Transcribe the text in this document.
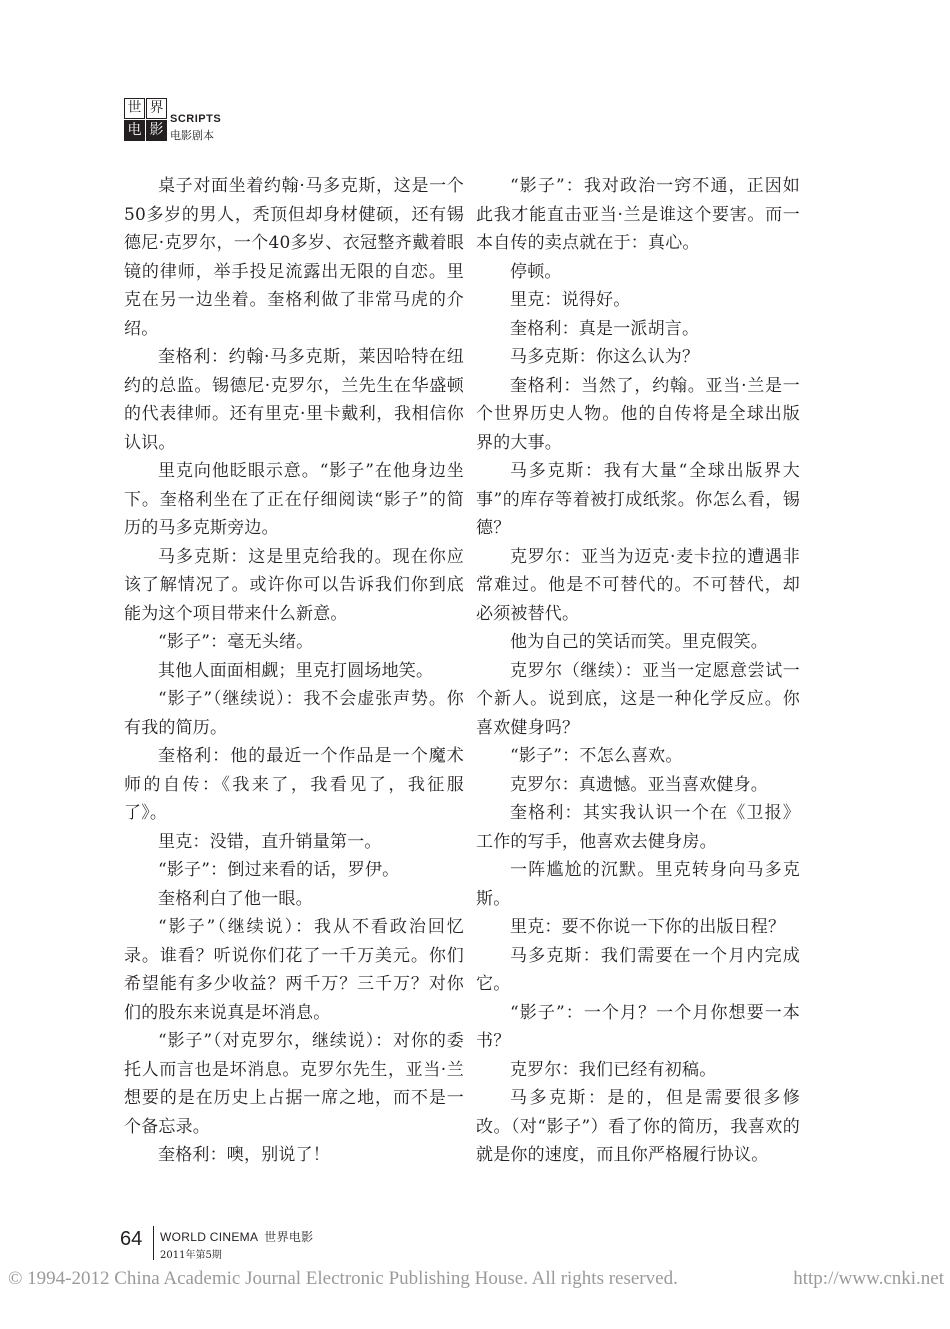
世 界
电 影
SCRIPTS
电影剧本

桌子对面坐着约翰·马多克斯，这是一个50多岁的男人，秃顶但却身材健硕，还有锡德尼·克罗尔，一个40多岁、衣冠整齐戴着眼镜的律师，举手投足流露出无限的自恋。里克在另一边坐着。奎格利做了非常马虎的介绍。

奎格利：约翰·马多克斯，莱因哈特在纽约的总监。锡德尼·克罗尔，兰先生在华盛顿的代表律师。还有里克·里卡戴利，我相信你认识。

里克向他眨眼示意。“影子”在他身边坐下。奎格利坐在了正在仔细阅读“影子”的简历的马多克斯旁边。

马多克斯：这是里克给我的。现在你应该了解情况了。或许你可以告诉我们你到底能为这个项目带来什么新意。

“影子”：毫无头绪。

其他人面面相觑；里克打圆场地笑。

“影子”（继续说）：我不会虚张声势。你有我的简历。

奎格利：他的最近一个作品是一个魔术师的自传：《我来了，我看见了，我征服了》。

里克：没错，直升销量第一。

“影子”：倒过来看的话，罗伊。

奎格利白了他一眼。

“影子”（继续说）：我从不看政治回忆录。谁看？听说你们花了一千万美元。你们希望能有多少收益？两千万？三千万？对你们的股东来说真是坏消息。

“影子”（对克罗尔，继续说）：对你的委托人而言也是坏消息。克罗尔先生，亚当·兰想要的是在历史上占据一席之地，而不是一个备忘录。

奎格利：噢，别说了！

“影子”：我对政治一窍不通，正因如此我才能直击亚当·兰是谁这个要害。而一本自传的卖点就在于：真心。

停顿。

里克：说得好。

奎格利：真是一派胡言。

马多克斯：你这么认为？

奎格利：当然了，约翰。亚当·兰是一个世界历史人物。他的自传将是全球出版界的大事。

马多克斯：我有大量“全球出版界大事”的库存等着被打成纸浆。你怎么看，锡德？

克罗尔：亚当为迈克·麦卡拉的遭遇非常难过。他是不可替代的。不可替代，却必须被替代。

他为自己的笑话而笑。里克假笑。

克罗尔（继续）：亚当一定愿意尝试一个新人。说到底，这是一种化学反应。你喜欢健身吗？

“影子”：不怎么喜欢。

克罗尔：真遗憾。亚当喜欢健身。

奎格利：其实我认识一个在《卫报》工作的写手，他喜欢去健身房。

一阵尴尬的沉默。里克转身向马多克斯。

里克：要不你说一下你的出版日程？

马多克斯：我们需要在一个月内完成它。

“影子”：一个月？一个月你想要一本书？

克罗尔：我们已经有初稿。

马多克斯：是的，但是需要很多修改。（对“影子”）看了你的简历，我喜欢的就是你的速度，而且你严格履行协议。

64 WORLD CINEMA 世界电影
2011年第5期
© 1994-2012 China Academic Journal Electronic Publishing House. All rights reserved.	http://www.cnki.net
